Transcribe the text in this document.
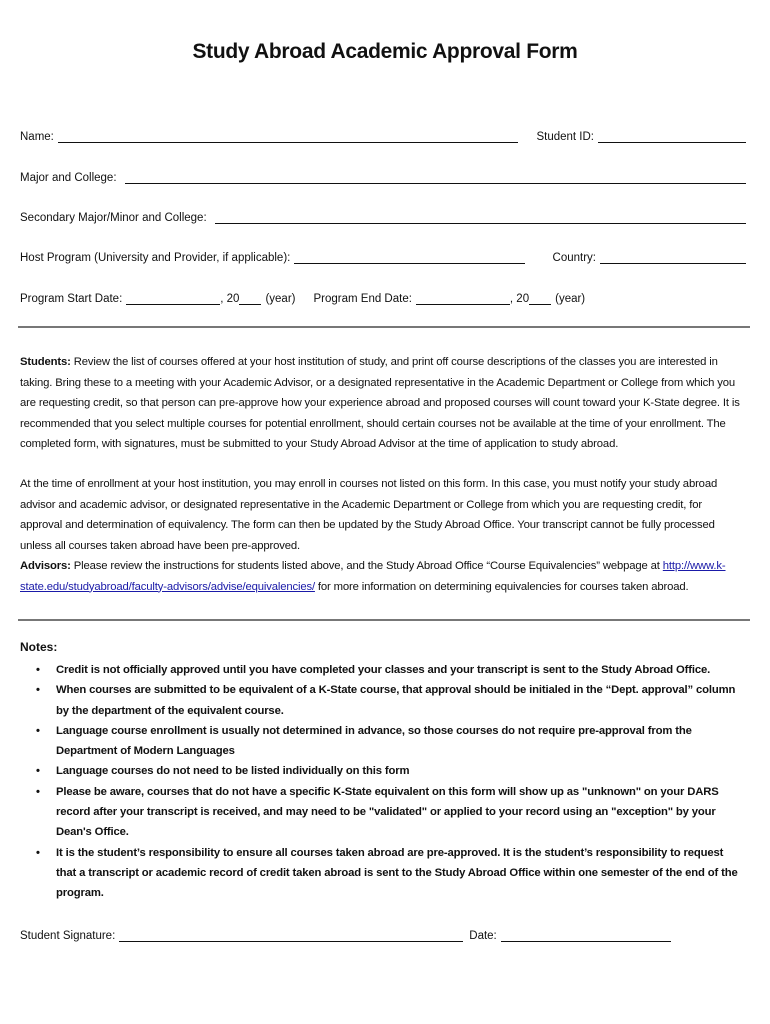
Study Abroad Academic Approval Form
Name:	Student ID:
Major and College:
Secondary Major/Minor and College:
Host Program (University and Provider, if applicable):	Country:
Program Start Date:	, 20	(year)	Program End Date:	, 20	(year)
Students: Review the list of courses offered at your host institution of study, and print off course descriptions of the classes you are interested in taking. Bring these to a meeting with your Academic Advisor, or a designated representative in the Academic Department or College from which you are requesting credit, so that person can pre-approve how your experience abroad and proposed courses will count toward your K-State degree. It is recommended that you select multiple courses for potential enrollment, should certain courses not be available at the time of your enrollment. The completed form, with signatures, must be submitted to your Study Abroad Advisor at the time of application to study abroad.
At the time of enrollment at your host institution, you may enroll in courses not listed on this form. In this case, you must notify your study abroad advisor and academic advisor, or designated representative in the Academic Department or College from which you are requesting credit, for approval and determination of equivalency. The form can then be updated by the Study Abroad Office. Your transcript cannot be fully processed unless all courses taken abroad have been pre-approved.
Advisors: Please review the instructions for students listed above, and the Study Abroad Office “Course Equivalencies” webpage at http://www.k-state.edu/studyabroad/faculty-advisors/advise/equivalencies/ for more information on determining equivalencies for courses taken abroad.
Notes:
• Credit is not officially approved until you have completed your classes and your transcript is sent to the Study Abroad Office.
• When courses are submitted to be equivalent of a K-State course, that approval should be initialed in the “Dept. approval” column by the department of the equivalent course.
• Language course enrollment is usually not determined in advance, so those courses do not require pre-approval from the Department of Modern Languages
• Language courses do not need to be listed individually on this form
• Please be aware, courses that do not have a specific K-State equivalent on this form will show up as "unknown" on your DARS record after your transcript is received, and may need to be "validated" or applied to your record using an "exception" by your Dean's Office.
• It is the student’s responsibility to ensure all courses taken abroad are pre-approved. It is the student’s responsibility to request that a transcript or academic record of credit taken abroad is sent to the Study Abroad Office within one semester of the end of the program.
Student Signature:	Date:
